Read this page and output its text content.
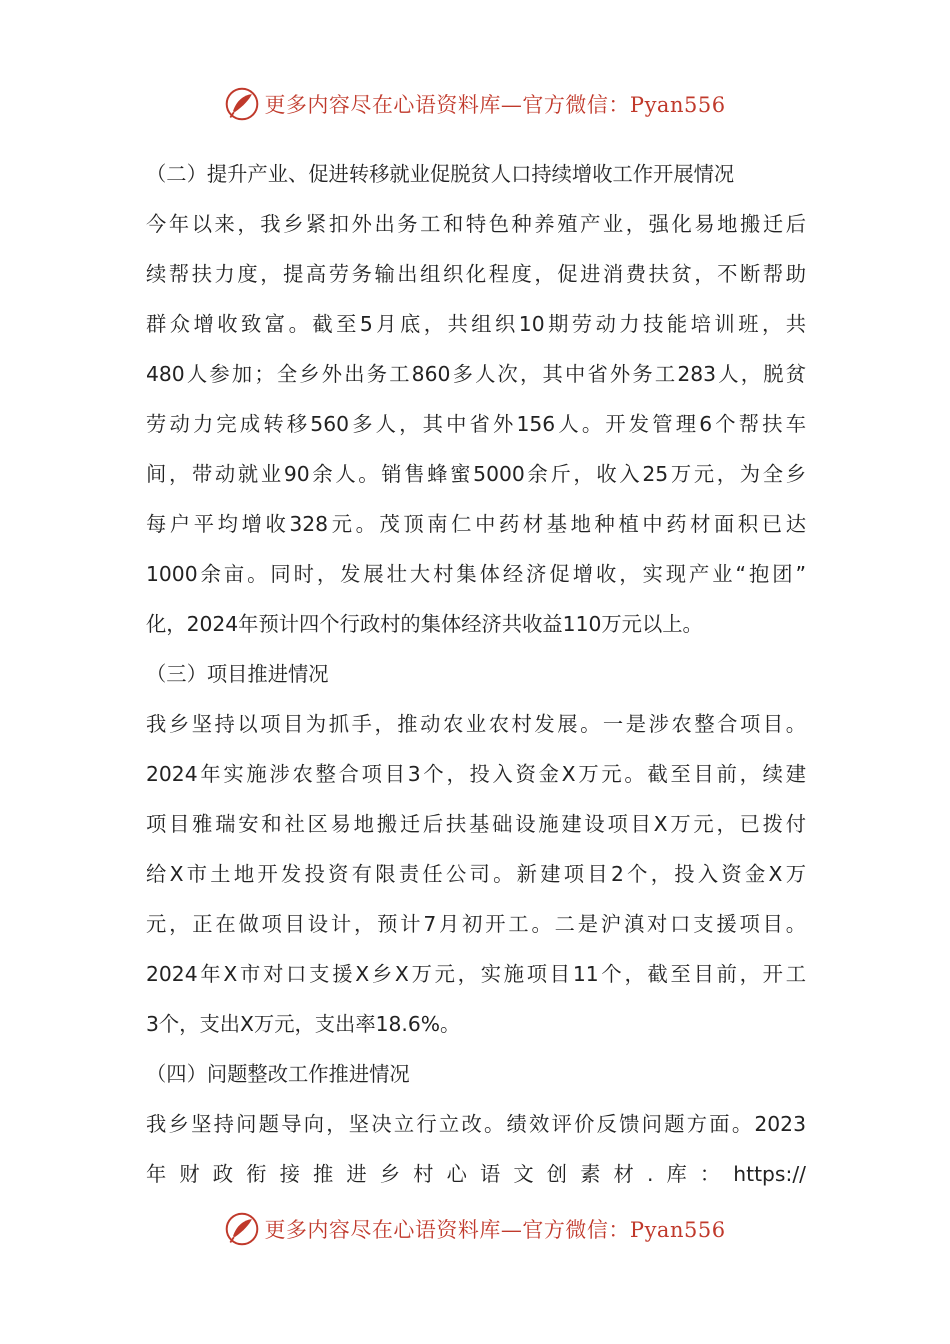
更多内容尽在心语资料库—官方微信：Pyan556
（二）提升产业、促进转移就业促脱贫人口持续增收工作开展情况
今年以来，我乡紧扣外出务工和特色种养殖产业，强化易地搬迁后
续帮扶力度，提高劳务输出组织化程度，促进消费扶贫，不断帮助
群众增收致富。截至5月底，共组织10期劳动力技能培训班，共
480人参加；全乡外出务工860多人次，其中省外务工283人，脱贫
劳动力完成转移560多人，其中省外156人。开发管理6个帮扶车
间，带动就业90余人。销售蜂蜜5000余斤，收入25万元，为全乡
每户平均增收328元。茂顶南仁中药材基地种植中药材面积已达
1000余亩。同时，发展壮大村集体经济促增收，实现产业“抱团”
化，2024年预计四个行政村的集体经济共收益110万元以上。
（三）项目推进情况
我乡坚持以项目为抓手，推动农业农村发展。一是涉农整合项目。
2024年实施涉农整合项目3个，投入资金X万元。截至目前，续建
项目雅瑞安和社区易地搬迁后扶基础设施建设项目X万元，已拨付
给X市土地开发投资有限责任公司。新建项目2个，投入资金X万
元，正在做项目设计，预计7月初开工。二是沪滇对口支援项目。
2024年X市对口支援X乡X万元，实施项目11个，截至目前，开工
3个，支出X万元，支出率18.6%。
（四）问题整改工作推进情况
我乡坚持问题导向，坚决立行立改。绩效评价反馈问题方面。2023
年财政衔接推进乡村心语文创素材.库：https://
更多内容尽在心语资料库—官方微信：Pyan556
